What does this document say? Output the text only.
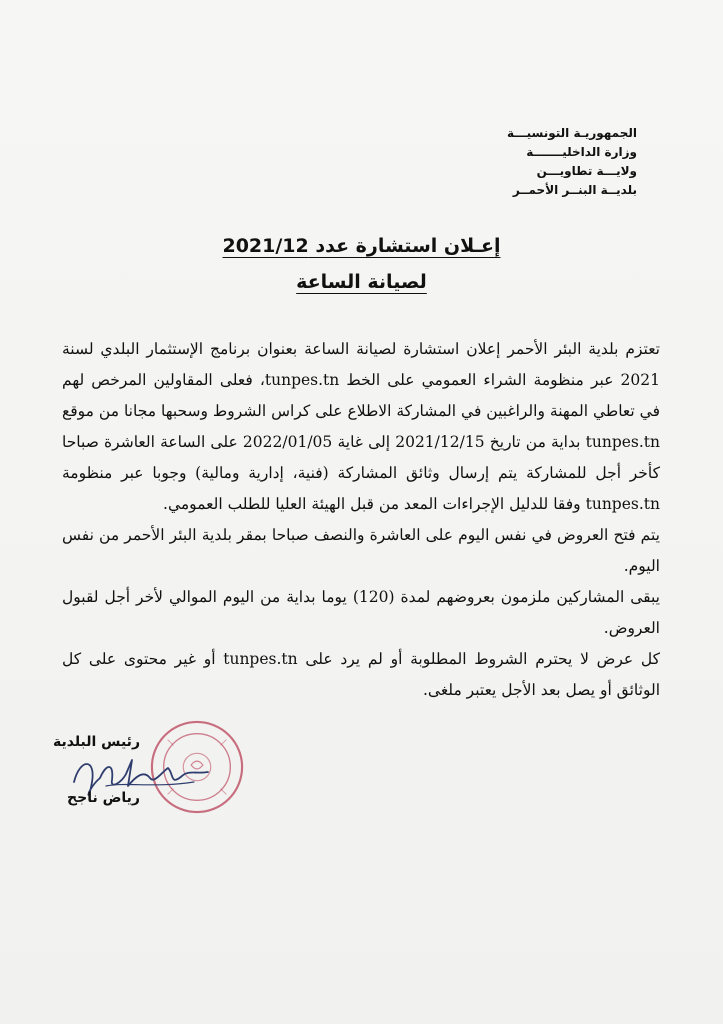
الجمهوريـة التونسيـــة
وزارة الداخليـــــــة
ولايـــة تطاويـــن
بلديــة البنــر الأحمــر
إعـلان استشارة عدد 2021/12
لصيانة الساعة

تعتزم بلدية البئر الأحمر إعلان استشارة لصيانة الساعة بعنوان برنامج الإستثمار البلدي لسنة 2021 عبر منظومة الشراء العمومي على الخط tunpes.tn، فعلى المقاولين المرخص لهم في تعاطي المهنة والراغبين في المشاركة الاطلاع على كراس الشروط وسحبها مجانا من موقع tunpes.tn بداية من تاريخ 2021/12/15 إلى غاية 2022/01/05 على الساعة العاشرة صباحا كأخر أجل للمشاركة يتم إرسال وثائق المشاركة (فنية، إدارية ومالية) وجوبا عبر منظومة tunpes.tn وفقا للدليل الإجراءات المعد من قبل الهيئة العليا للطلب العمومي.

يتم فتح العروض في نفس اليوم على العاشرة والنصف صباحا بمقر بلدية البئر الأحمر من نفس اليوم.

يبقى المشاركين ملزمون بعروضهم لمدة (120) يوما بداية من اليوم الموالي لأخر أجل لقبول العروض.

كل عرض لا يحترم الشروط المطلوبة أو لم يرد على tunpes.tn أو غير محتوى على كل الوثائق أو يصل بعد الأجل يعتبر ملغى.

رئيس البلدية
رياض ناجح
